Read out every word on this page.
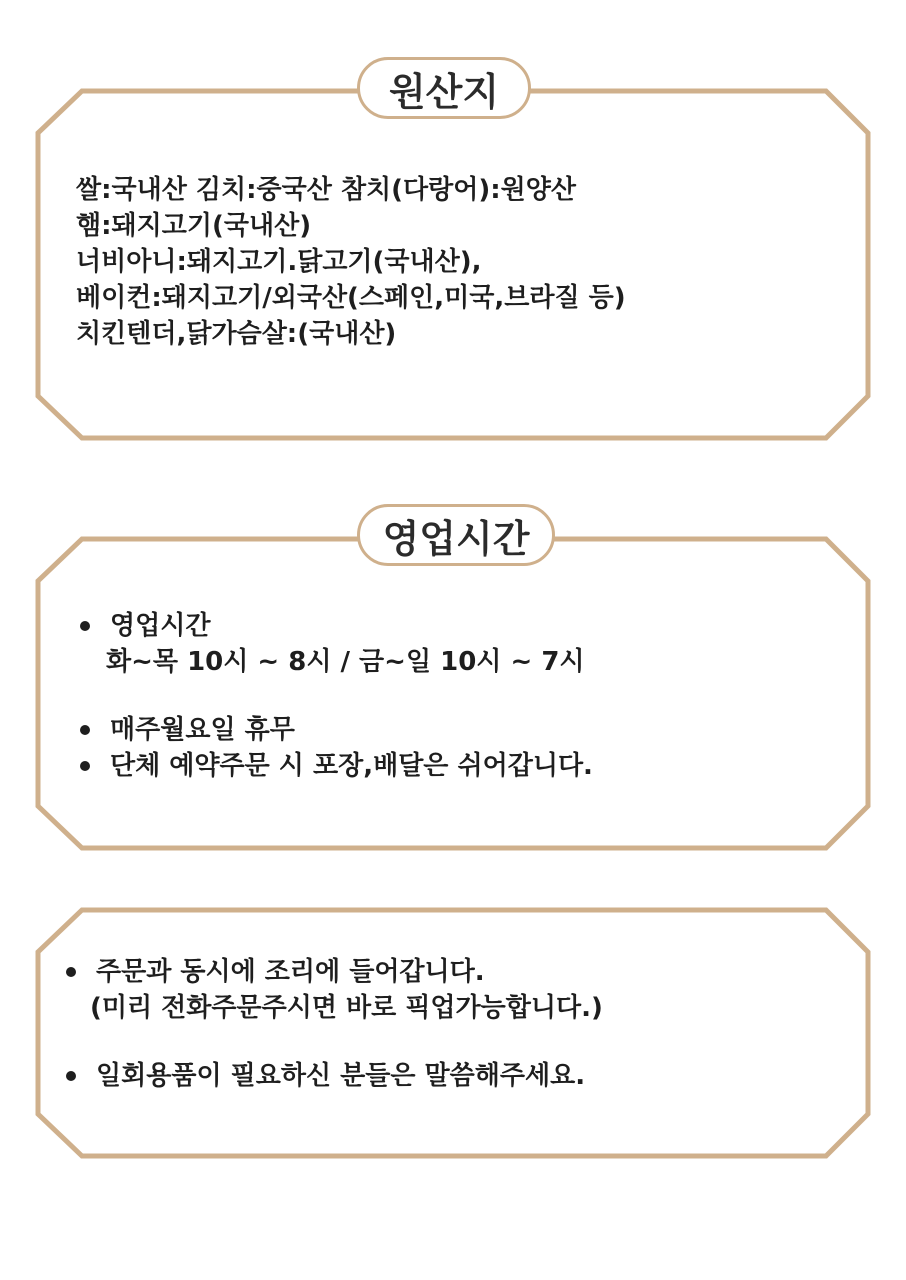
원산지
쌀:국내산 김치:중국산 참치(다랑어):원양산
햄:돼지고기(국내산)
너비아니:돼지고기.닭고기(국내산),
베이컨:돼지고기/외국산(스페인,미국,브라질 등)
치킨텐더,닭가슴살:(국내산)
영업시간
영업시간
화~목 10시 ~ 8시 / 금~일 10시 ~ 7시
매주월요일 휴무
단체 예약주문 시 포장,배달은 쉬어갑니다.
주문과 동시에 조리에 들어갑니다.
(미리 전화주문주시면 바로 픽업가능합니다.)
일회용품이 필요하신 분들은 말씀해주세요.
